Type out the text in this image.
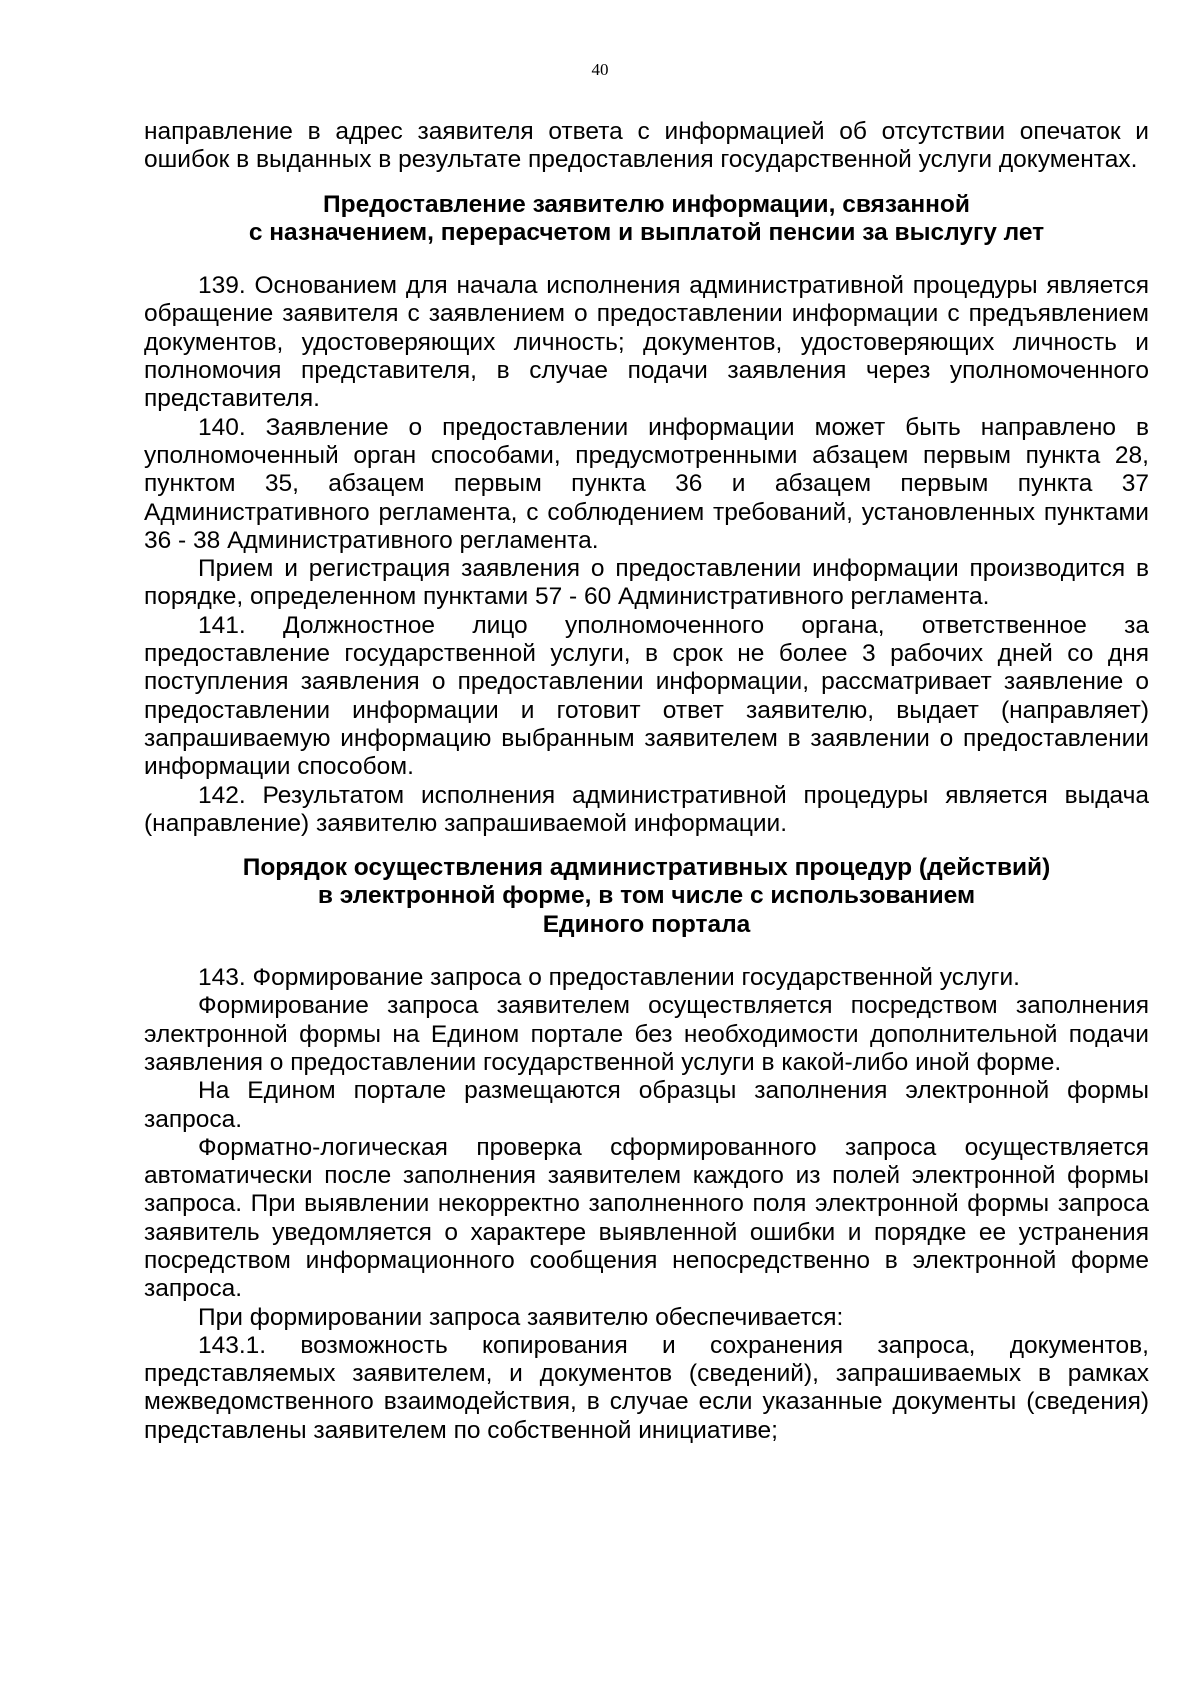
40

направление в адрес заявителя ответа с информацией об отсутствии опечаток и ошибок в выданных в результате предоставления государственной услуги документах.

Предоставление заявителю информации, связанной
с назначением, перерасчетом и выплатой пенсии за выслугу лет

139. Основанием для начала исполнения административной процедуры является обращение заявителя с заявлением о предоставлении информации с предъявлением документов, удостоверяющих личность; документов, удостоверяющих личность и полномочия представителя, в случае подачи заявления через уполномоченного представителя.

140. Заявление о предоставлении информации может быть направлено в уполномоченный орган способами, предусмотренными абзацем первым пункта 28, пунктом 35, абзацем первым пункта 36 и абзацем первым пункта 37 Административного регламента, с соблюдением требований, установленных пунктами 36 - 38 Административного регламента.

Прием и регистрация заявления о предоставлении информации производится в порядке, определенном пунктами 57 - 60 Административного регламента.

141. Должностное лицо уполномоченного органа, ответственное за предоставление государственной услуги, в срок не более 3 рабочих дней со дня поступления заявления о предоставлении информации, рассматривает заявление о предоставлении информации и готовит ответ заявителю, выдает (направляет) запрашиваемую информацию выбранным заявителем в заявлении о предоставлении информации способом.

142. Результатом исполнения административной процедуры является выдача (направление) заявителю запрашиваемой информации.

Порядок осуществления административных процедур (действий)
в электронной форме, в том числе с использованием
Единого портала

143. Формирование запроса о предоставлении государственной услуги.

Формирование запроса заявителем осуществляется посредством заполнения электронной формы на Едином портале без необходимости дополнительной подачи заявления о предоставлении государственной услуги в какой-либо иной форме.

На Едином портале размещаются образцы заполнения электронной формы запроса.

Форматно-логическая проверка сформированного запроса осуществляется автоматически после заполнения заявителем каждого из полей электронной формы запроса. При выявлении некорректно заполненного поля электронной формы запроса заявитель уведомляется о характере выявленной ошибки и порядке ее устранения посредством информационного сообщения непосредственно в электронной форме запроса.

При формировании запроса заявителю обеспечивается:

143.1. возможность копирования и сохранения запроса, документов, представляемых заявителем, и документов (сведений), запрашиваемых в рамках межведомственного взаимодействия, в случае если указанные документы (сведения) представлены заявителем по собственной инициативе;
